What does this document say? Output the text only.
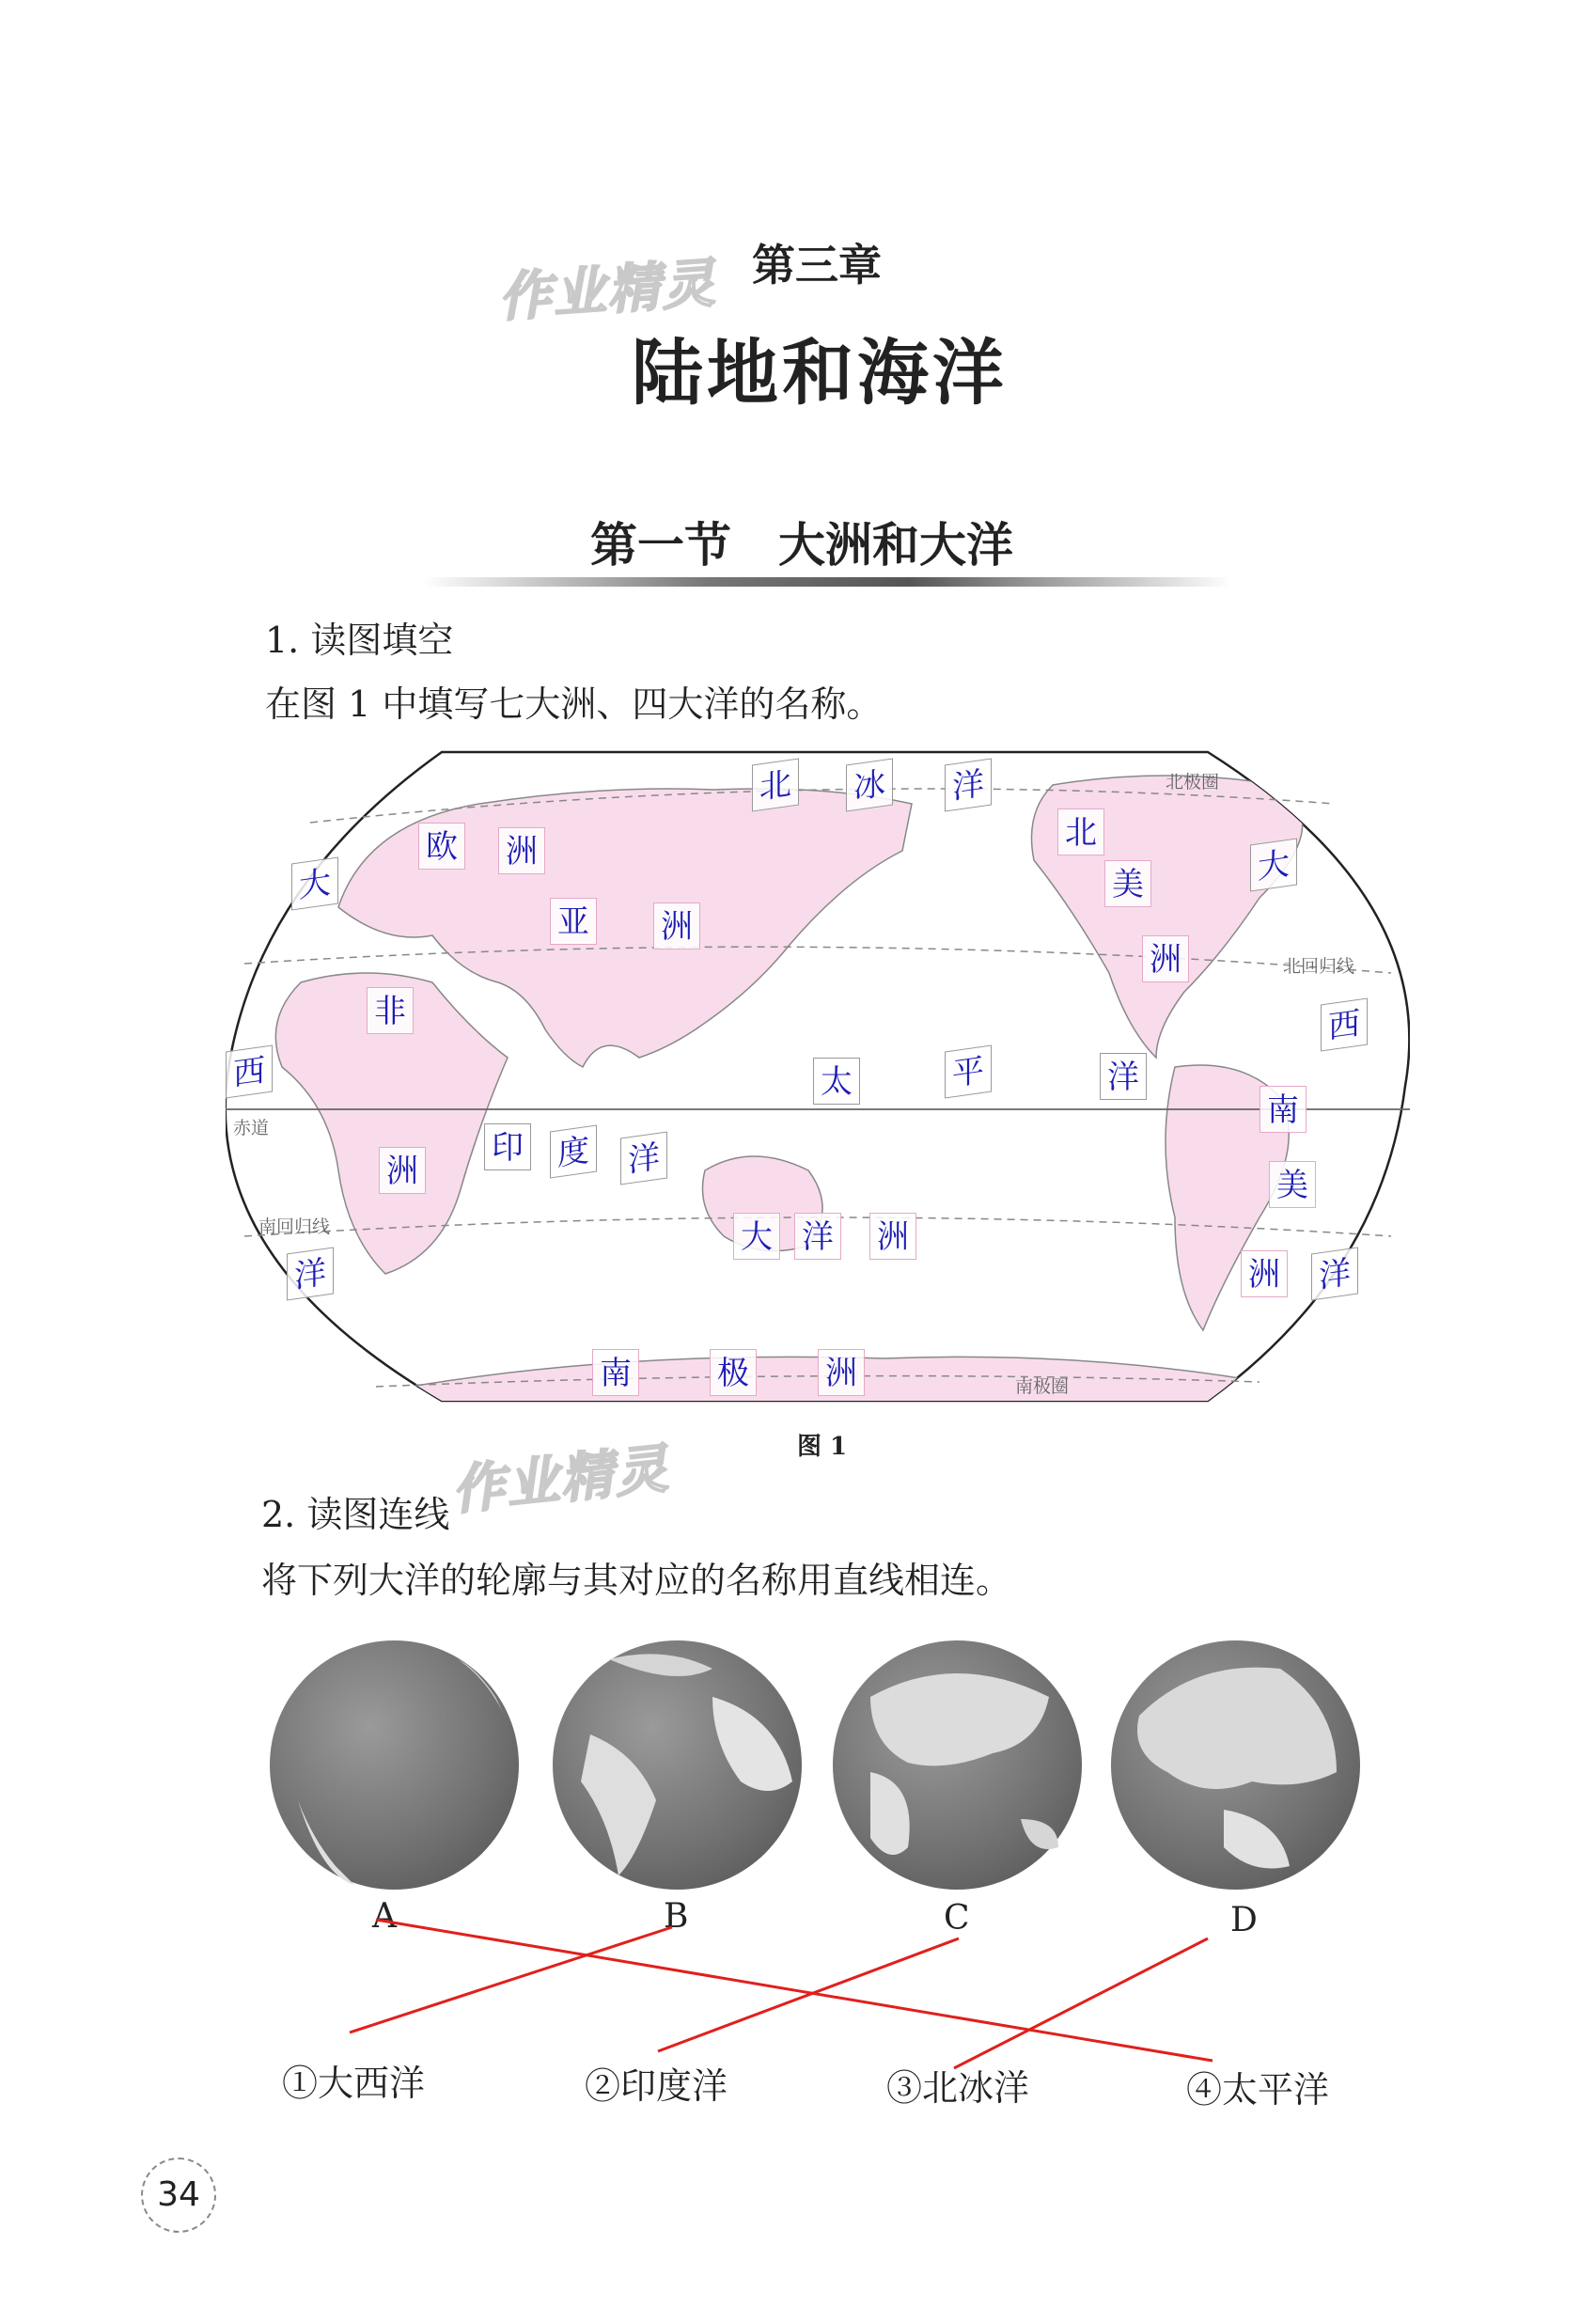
作业精灵
作业精灵
第三章
陆地和海洋
第一节　大洲和大洋
1. 读图填空
在图 1 中填写七大洲、四大洋的名称。
北极圈
北回归线
赤道
南回归线
南极圈
北 冰 洋
欧 洲
大
亚 洲
北
美	大
洲
非	西
太	平	洋
西
南
洲
印 度 洋
美
大 洋 洲
洋	洲 洋
南	极 洲
图 1
2. 读图连线
将下列大洋的轮廓与其对应的名称用直线相连。
A	B	C	D
①大西洋	②印度洋	③北冰洋	④太平洋
34
